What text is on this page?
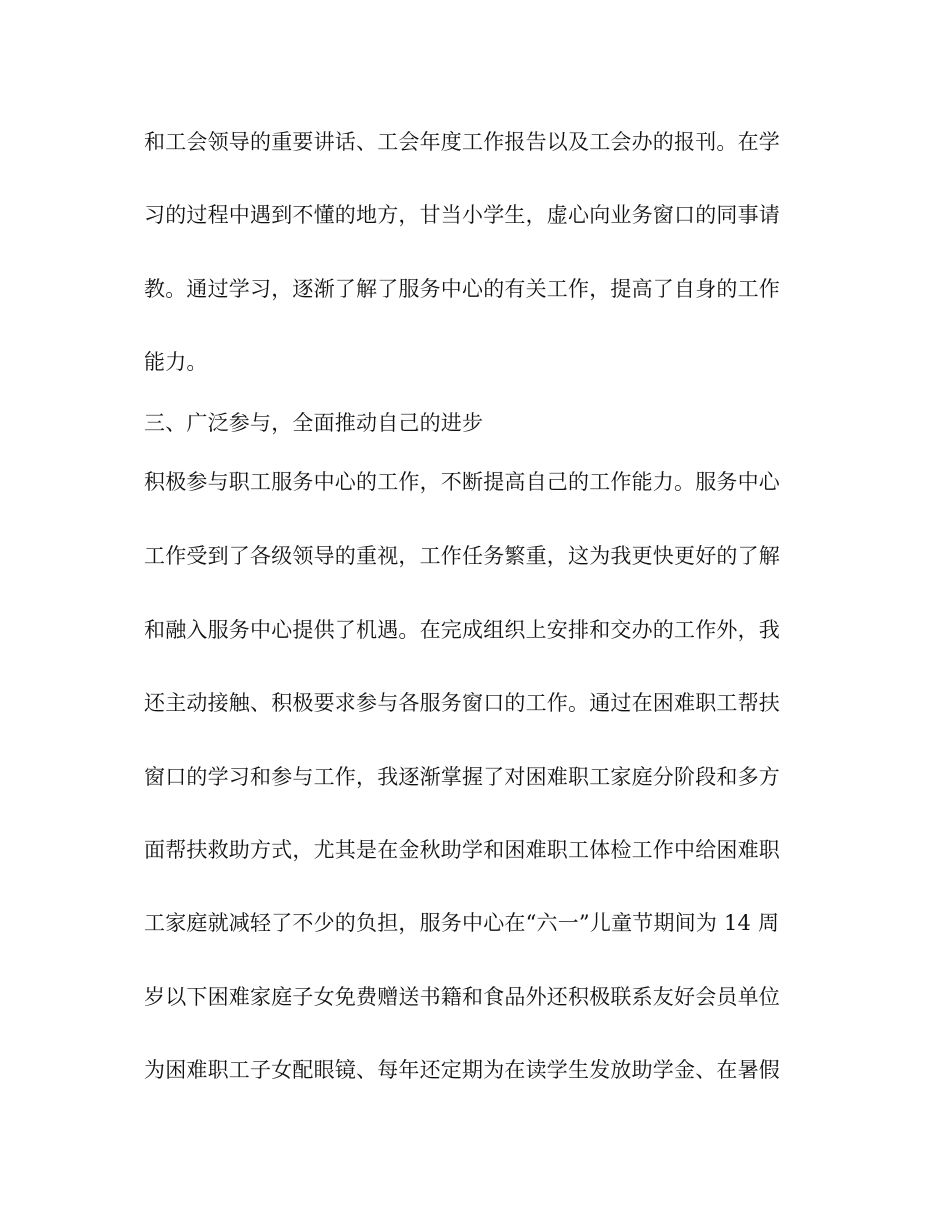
和工会领导的重要讲话、工会年度工作报告以及工会办的报刊。在学
习的过程中遇到不懂的地方，甘当小学生，虚心向业务窗口的同事请
教。通过学习，逐渐了解了服务中心的有关工作，提高了自身的工作
能力。
三、广泛参与，全面推动自己的进步
积极参与职工服务中心的工作，不断提高自己的工作能力。服务中心
工作受到了各级领导的重视，工作任务繁重，这为我更快更好的了解
和融入服务中心提供了机遇。在完成组织上安排和交办的工作外，我
还主动接触、积极要求参与各服务窗口的工作。通过在困难职工帮扶
窗口的学习和参与工作，我逐渐掌握了对困难职工家庭分阶段和多方
面帮扶救助方式，尤其是在金秋助学和困难职工体检工作中给困难职
工家庭就减轻了不少的负担，服务中心在“六一”儿童节期间为 14 周
岁以下困难家庭子女免费赠送书籍和食品外还积极联系友好会员单位
为困难职工子女配眼镜、每年还定期为在读学生发放助学金、在暑假
